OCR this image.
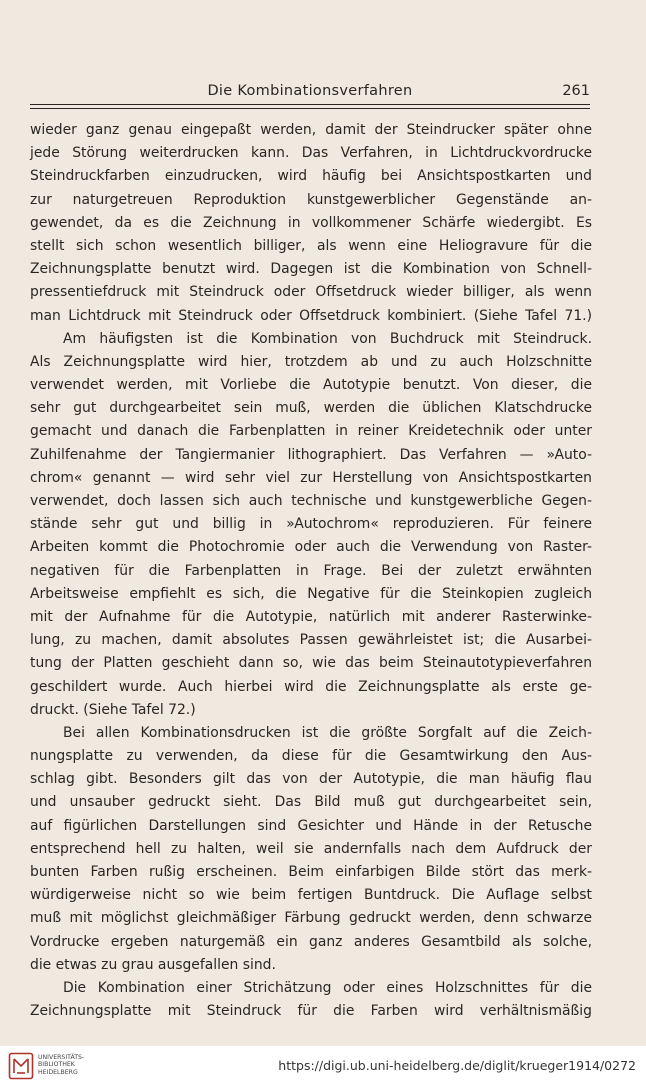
Die Kombinationsverfahren	261
wieder ganz genau eingepaßt werden, damit der Steindrucker später ohne
jede Störung weiterdrucken kann. Das Verfahren, in Lichtdruckvordrucke
Steindruckfarben einzudrucken, wird häufig bei Ansichtspostkarten und
zur naturgetreuen Reproduktion kunstgewerblicher Gegenstände an-
gewendet, da es die Zeichnung in vollkommener Schärfe wiedergibt. Es
stellt sich schon wesentlich billiger, als wenn eine Heliogravure für die
Zeichnungsplatte benutzt wird. Dagegen ist die Kombination von Schnell-
pressentiefdruck mit Steindruck oder Offsetdruck wieder billiger, als wenn
man Lichtdruck mit Steindruck oder Offsetdruck kombiniert. (Siehe Tafel 71.)
Am häufigsten ist die Kombination von Buchdruck mit Steindruck.
Als Zeichnungsplatte wird hier, trotzdem ab und zu auch Holzschnitte
verwendet werden, mit Vorliebe die Autotypie benutzt. Von dieser, die
sehr gut durchgearbeitet sein muß, werden die üblichen Klatschdrucke
gemacht und danach die Farbenplatten in reiner Kreidetechnik oder unter
Zuhilfenahme der Tangiermanier lithographiert. Das Verfahren — »Auto-
chrom« genannt — wird sehr viel zur Herstellung von Ansichtspostkarten
verwendet, doch lassen sich auch technische und kunstgewerbliche Gegen-
stände sehr gut und billig in »Autochrom« reproduzieren. Für feinere
Arbeiten kommt die Photochromie oder auch die Verwendung von Raster-
negativen für die Farbenplatten in Frage. Bei der zuletzt erwähnten
Arbeitsweise empfiehlt es sich, die Negative für die Steinkopien zugleich
mit der Aufnahme für die Autotypie, natürlich mit anderer Rasterwinke-
lung, zu machen, damit absolutes Passen gewährleistet ist; die Ausarbei-
tung der Platten geschieht dann so, wie das beim Steinautotypieverfahren
geschildert wurde. Auch hierbei wird die Zeichnungsplatte als erste ge-
druckt. (Siehe Tafel 72.)
Bei allen Kombinationsdrucken ist die größte Sorgfalt auf die Zeich-
nungsplatte zu verwenden, da diese für die Gesamtwirkung den Aus-
schlag gibt. Besonders gilt das von der Autotypie, die man häufig flau
und unsauber gedruckt sieht. Das Bild muß gut durchgearbeitet sein,
auf figürlichen Darstellungen sind Gesichter und Hände in der Retusche
entsprechend hell zu halten, weil sie andernfalls nach dem Aufdruck der
bunten Farben rußig erscheinen. Beim einfarbigen Bilde stört das merk-
würdigerweise nicht so wie beim fertigen Buntdruck. Die Auflage selbst
muß mit möglichst gleichmäßiger Färbung gedruckt werden, denn schwarze
Vordrucke ergeben naturgemäß ein ganz anderes Gesamtbild als solche,
die etwas zu grau ausgefallen sind.
Die Kombination einer Strichätzung oder eines Holzschnittes für die
Zeichnungsplatte mit Steindruck für die Farben wird verhältnismäßig
UNIVERSITÄTS-
BIBLIOTHEK
HEIDELBERG	https://digi.ub.uni-heidelberg.de/diglit/krueger1914/0272
